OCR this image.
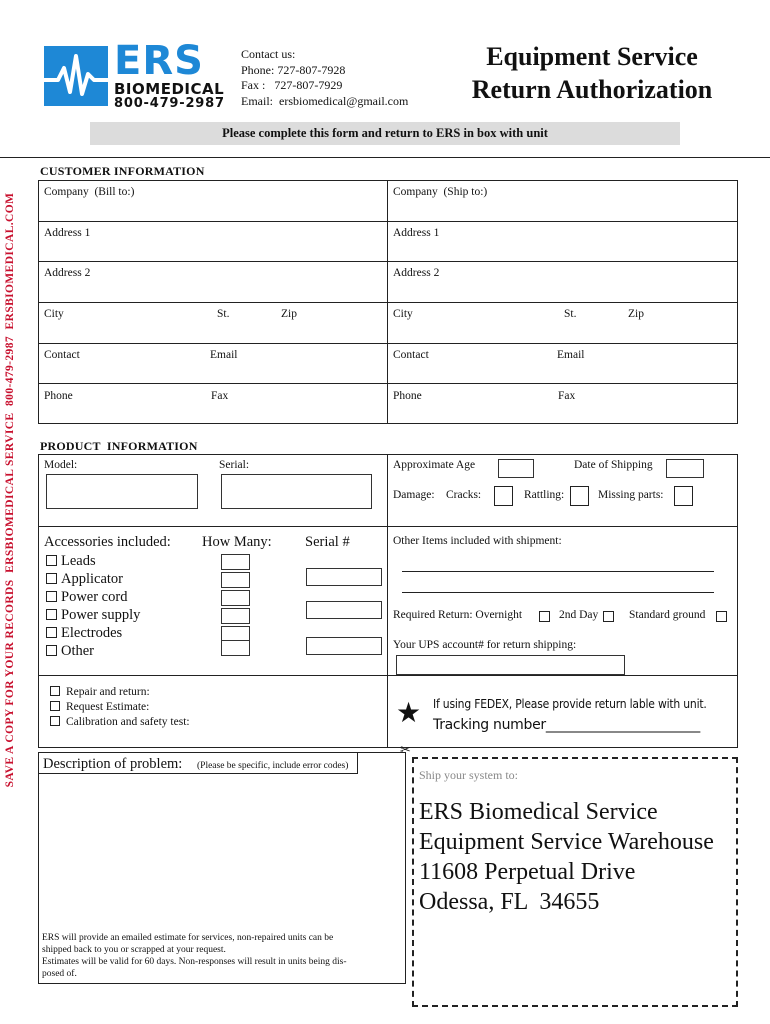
ERS
BIOMEDICAL
800-479-2987
Contact us:
Phone: 727-807-7928
Fax :   727-807-7929
Email:  ersbiomedical@gmail.com
Equipment Service
Return Authorization
Please complete this form and return to ERS in box with unit
SAVE A COPY FOR YOUR RECORDS  ERSBIOMEDICAL SERVICE  800-479-2987  ERSBIOMEDICAL.COM
CUSTOMER INFORMATION
Company  (Bill to:)	Company  (Ship to:)
Address 1	Address 1
Address 2	Address 2
City	St.	Zip	City	St.	Zip
Contact	Email	Contact	Email
Phone	Fax	Phone	Fax
PRODUCT  INFORMATION
Model:	Serial:	Approximate Age	Date of Shipping
Damage: Cracks:	Rattling:	Missing parts:
Accessories included: How Many: Serial #
Leads
Applicator
Power cord
Power supply
Electrodes
Other
Other Items included with shipment:
Required Return: Overnight	2nd Day	Standard ground
Your UPS account# for return shipping:
Repair and return:
Request Estimate:
Calibration and safety test:	★ If using FEDEX, Please provide return lable with unit.
Tracking number_______________________
Description of problem: (Please be specific, include error codes)
ERS will provide an emailed estimate for services, non-repaired units can be
shipped back to you or scrapped at your request.
Estimates will be valid for 60 days. Non-responses will result in units being dis-
posed of.
✂
Ship your system to:
ERS Biomedical Service
Equipment Service Warehouse
11608 Perpetual Drive
Odessa, FL  34655
